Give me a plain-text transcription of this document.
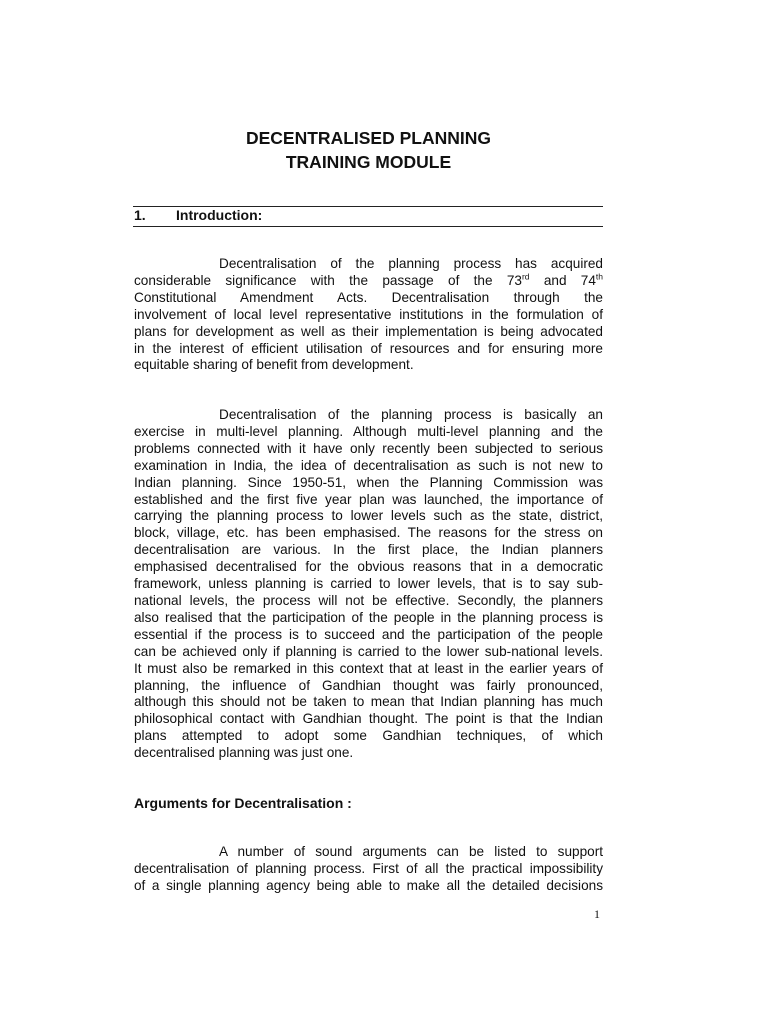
DECENTRALISED PLANNING
TRAINING MODULE
1. Introduction:
Decentralisation of the planning process has acquired
considerable significance with the passage of the 73rd and 74th
Constitutional Amendment Acts. Decentralisation through the
involvement of local level representative institutions in the formulation of
plans for development as well as their implementation is being advocated
in the interest of efficient utilisation of resources and for ensuring more
equitable sharing of benefit from development.
Decentralisation of the planning process is basically an
exercise in multi-level planning. Although multi-level planning and the
problems connected with it have only recently been subjected to serious
examination in India, the idea of decentralisation as such is not new to
Indian planning. Since 1950-51, when the Planning Commission was
established and the first five year plan was launched, the importance of
carrying the planning process to lower levels such as the state, district,
block, village, etc. has been emphasised. The reasons for the stress on
decentralisation are various. In the first place, the Indian planners
emphasised decentralised for the obvious reasons that in a democratic
framework, unless planning is carried to lower levels, that is to say sub-
national levels, the process will not be effective. Secondly, the planners
also realised that the participation of the people in the planning process is
essential if the process is to succeed and the participation of the people
can be achieved only if planning is carried to the lower sub-national levels.
It must also be remarked in this context that at least in the earlier years of
planning, the influence of Gandhian thought was fairly pronounced,
although this should not be taken to mean that Indian planning has much
philosophical contact with Gandhian thought. The point is that the Indian
plans attempted to adopt some Gandhian techniques, of which
decentralised planning was just one.
Arguments for Decentralisation :
A number of sound arguments can be listed to support
decentralisation of planning process. First of all the practical impossibility
of a single planning agency being able to make all the detailed decisions
1
